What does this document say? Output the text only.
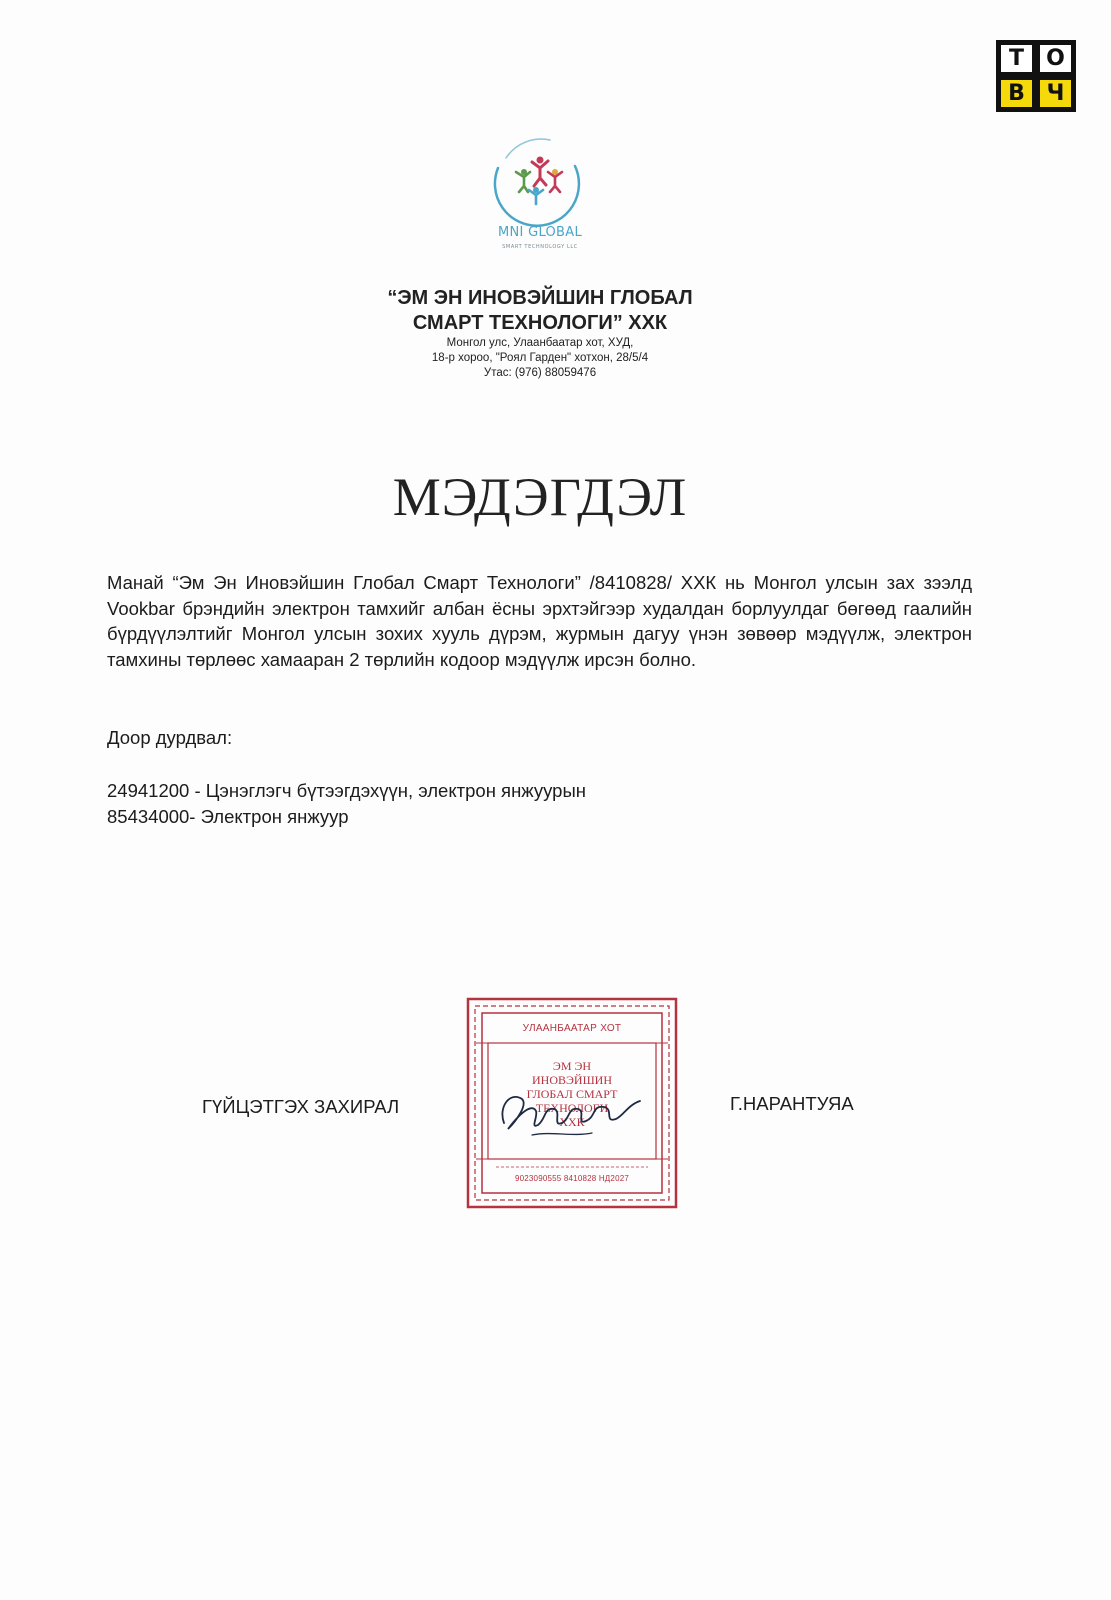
Т	О
В Ч
MNI GLOBAL
SMART TECHNOLOGY LLC
“ЭМ ЭН ИНОВЭЙШИН ГЛОБАЛ
СМАРТ ТЕХНОЛОГИ” ХХК
Монгол улс, Улаанбаатар хот, ХУД,
18-р хороо, "Роял Гарден" хотхон, 28/5/4
Утас: (976) 88059476
МЭДЭГДЭЛ
Манай “Эм Эн Иновэйшин Глобал Смарт Технологи” /8410828/ ХХК нь Монгол улсын зах зээлд Vookbar брэндийн электрон тамхийг албан ёсны эрхтэйгээр худалдан борлуулдаг бөгөөд гаалийн бүрдүүлэлтийг Монгол улсын зохих хууль дүрэм, журмын дагуу үнэн зөвөөр мэдүүлж, электрон тамхины төрлөөс хамааран 2 төрлийн кодоор мэдүүлж ирсэн болно.
Доор дурдвал:
24941200 - Цэнэглэгч бүтээгдэхүүн, электрон янжуурын
85434000- Электрон янжуур
ГҮЙЦЭТГЭХ ЗАХИРАЛ	Г.НАРАНТУЯА
УЛААНБААТАР ХОТ
ЭМ ЭН
ИНОВЭЙШИН
ГЛОБАЛ СМАРТ
ТЕХНОЛОГИ
ХХК
9023090555 8410828 НД2027
